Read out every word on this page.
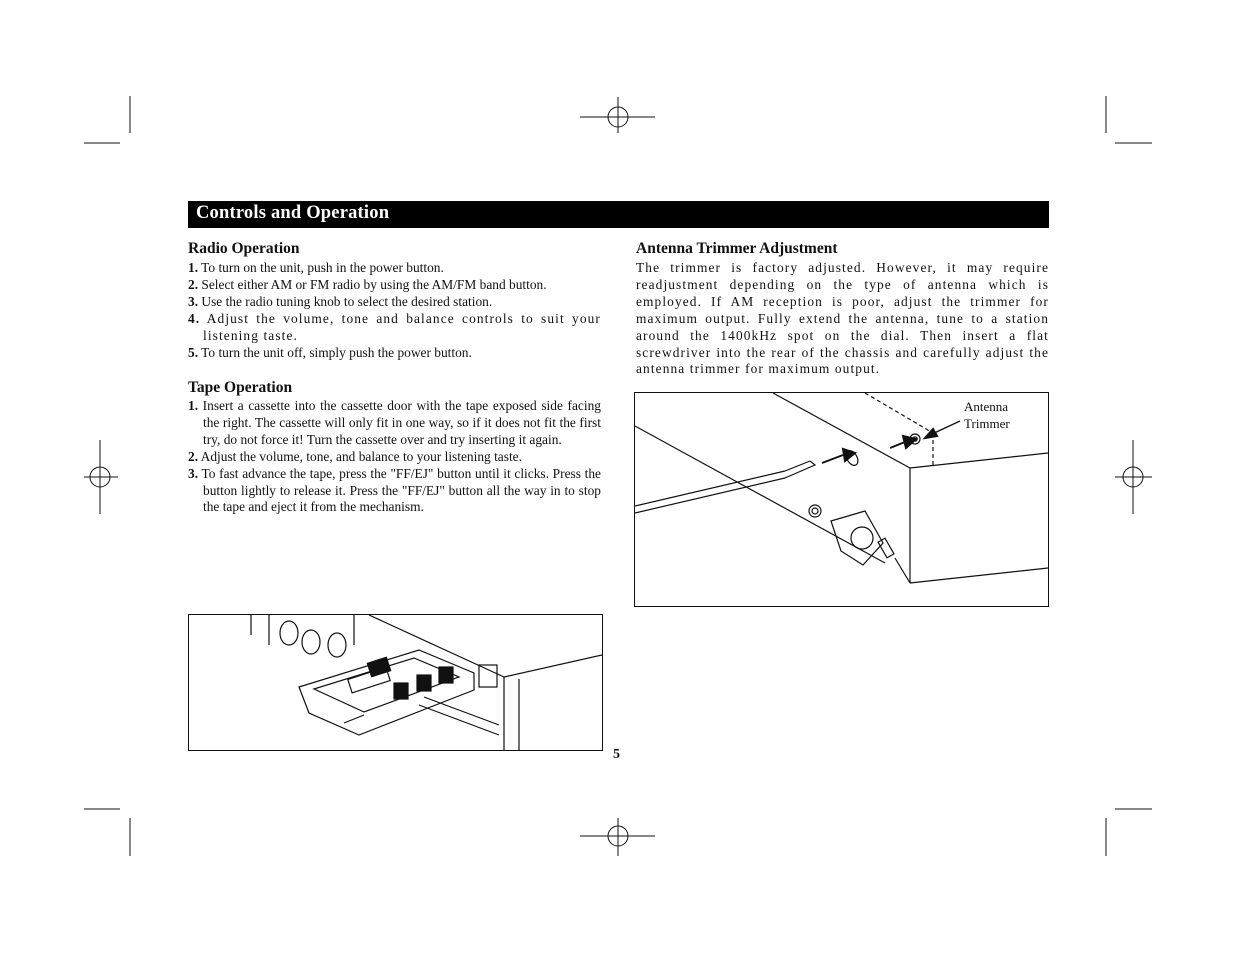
Controls and Operation
Radio Operation
1. To turn on the unit, push in the power button.
2. Select either AM or FM radio by using the AM/FM band button.
3. Use the radio tuning knob to select the desired station.
4. Adjust the volume, tone and balance controls to suit your listening taste.
5. To turn the unit off, simply push the power button.
Tape Operation
1. Insert a cassette into the cassette door with the tape exposed side facing the right. The cassette will only fit in one way, so if it does not fit the first try, do not force it! Turn the cassette over and try inserting it again.
2. Adjust the volume, tone, and balance to your listening taste.
3. To fast advance the tape, press the "FF/EJ" button until it clicks. Press the button lightly to release it. Press the "FF/EJ" button all the way in to stop the tape and eject it from the mechanism.
Antenna Trimmer Adjustment

The trimmer is factory adjusted. However, it may require readjustment depending on the type of antenna which is employed. If AM reception is poor, adjust the trimmer for maximum output. Fully extend the antenna, tune to a station around the 1400kHz spot on the dial. Then insert a flat screwdriver into the rear of the chassis and carefully adjust the antenna trimmer for maximum output.

Antenna
Trimmer
5
